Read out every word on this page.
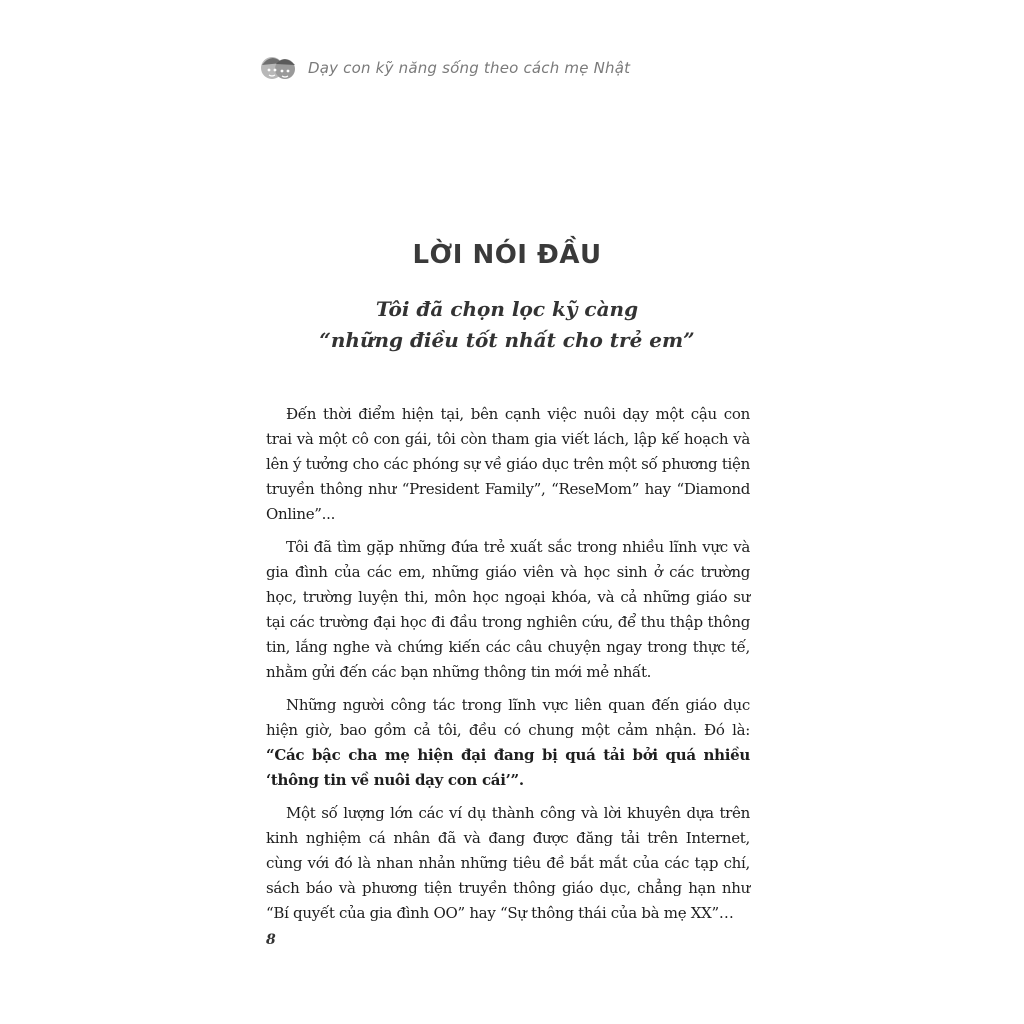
Dạy con kỹ năng sống theo cách mẹ Nhật
LỜI NÓI ĐẦU
Tôi đã chọn lọc kỹ càng
“những điều tốt nhất cho trẻ em”

Đến thời điểm hiện tại, bên cạnh việc nuôi dạy một cậu con trai và một cô con gái, tôi còn tham gia viết lách, lập kế hoạch và lên ý tưởng cho các phóng sự về giáo dục trên một số phương tiện truyền thông như “President Family”, “ReseMom” hay “Diamond Online”...

Tôi đã tìm gặp những đứa trẻ xuất sắc trong nhiều lĩnh vực và gia đình của các em, những giáo viên và học sinh ở các trường học, trường luyện thi, môn học ngoại khóa, và cả những giáo sư tại các trường đại học đi đầu trong nghiên cứu, để thu thập thông tin, lắng nghe và chứng kiến các câu chuyện ngay trong thực tế, nhằm gửi đến các bạn những thông tin mới mẻ nhất.

Những người công tác trong lĩnh vực liên quan đến giáo dục hiện giờ, bao gồm cả tôi, đều có chung một cảm nhận. Đó là: “Các bậc cha mẹ hiện đại đang bị quá tải bởi quá nhiều ‘thông tin về nuôi dạy con cái’”.

Một số lượng lớn các ví dụ thành công và lời khuyên dựa trên kinh nghiệm cá nhân đã và đang được đăng tải trên Internet, cùng với đó là nhan nhản những tiêu đề bắt mắt của các tạp chí, sách báo và phương tiện truyền thông giáo dục, chẳng hạn như “Bí quyết của gia đình OO” hay “Sự thông thái của bà mẹ XX”…

8
